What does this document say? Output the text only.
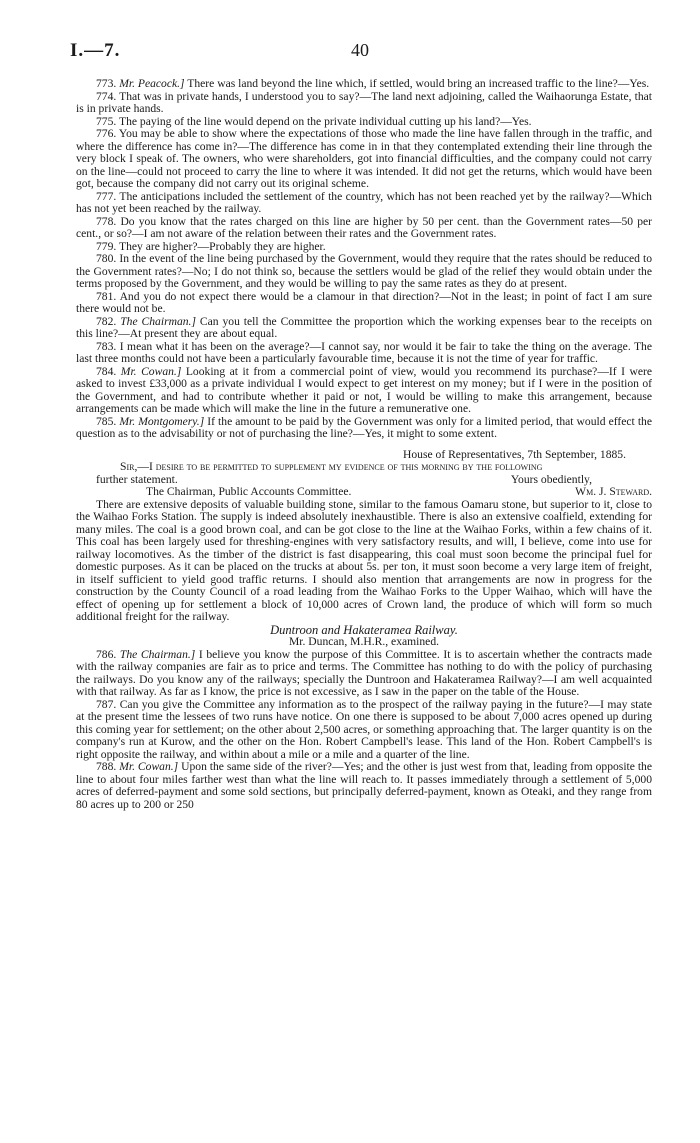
I.—7.	40

773. Mr. Peacock.] There was land beyond the line which, if settled, would bring an increased traffic to the line?—Yes.

774. That was in private hands, I understood you to say?—The land next adjoining, called the Waihaorunga Estate, that is in private hands.

775. The paying of the line would depend on the private individual cutting up his land?—Yes.

776. You may be able to show where the expectations of those who made the line have fallen through in the traffic, and where the difference has come in?—The difference has come in in that they contemplated extending their line through the very block I speak of. The owners, who were shareholders, got into financial difficulties, and the company could not carry on the line—could not proceed to carry the line to where it was intended. It did not get the returns, which would have been got, because the company did not carry out its original scheme.

777. The anticipations included the settlement of the country, which has not been reached yet by the railway?—Which has not yet been reached by the railway.

778. Do you know that the rates charged on this line are higher by 50 per cent. than the Government rates—50 per cent., or so?—I am not aware of the relation between their rates and the Government rates.

779. They are higher?—Probably they are higher.

780. In the event of the line being purchased by the Government, would they require that the rates should be reduced to the Government rates?—No; I do not think so, because the settlers would be glad of the relief they would obtain under the terms proposed by the Government, and they would be willing to pay the same rates as they do at present.

781. And you do not expect there would be a clamour in that direction?—Not in the least; in point of fact I am sure there would not be.

782. The Chairman.] Can you tell the Committee the proportion which the working expenses bear to the receipts on this line?—At present they are about equal.

783. I mean what it has been on the average?—I cannot say, nor would it be fair to take the thing on the average. The last three months could not have been a particularly favourable time, because it is not the time of year for traffic.

784. Mr. Cowan.] Looking at it from a commercial point of view, would you recommend its purchase?—If I were asked to invest £33,000 as a private individual I would expect to get interest on my money; but if I were in the position of the Government, and had to contribute whether it paid or not, I would be willing to make this arrangement, because arrangements can be made which will make the line in the future a remunerative one.

785. Mr. Montgomery.] If the amount to be paid by the Government was only for a limited period, that would effect the question as to the advisability or not of purchasing the line?—Yes, it might to some extent.

House of Representatives, 7th September, 1885.

Sir,—I desire to be permitted to supplement my evidence of this morning by the following

further statement.	Yours obediently,

The Chairman, Public Accounts Committee.	Wm. J. Steward.

There are extensive deposits of valuable building stone, similar to the famous Oamaru stone, but superior to it, close to the Waihao Forks Station. The supply is indeed absolutely inexhaustible. There is also an extensive coalfield, extending for many miles. The coal is a good brown coal, and can be got close to the line at the Waihao Forks, within a few chains of it. This coal has been largely used for threshing-engines with very satisfactory results, and will, I believe, come into use for railway locomotives. As the timber of the district is fast disappearing, this coal must soon become the principal fuel for domestic purposes. As it can be placed on the trucks at about 5s. per ton, it must soon become a very large item of freight, in itself sufficient to yield good traffic returns. I should also mention that arrangements are now in progress for the construction by the County Council of a road leading from the Waihao Forks to the Upper Waihao, which will have the effect of opening up for settlement a block of 10,000 acres of Crown land, the produce of which will form so much additional freight for the railway.

Duntroon and Hakateramea Railway.

Mr. Duncan, M.H.R., examined.

786. The Chairman.] I believe you know the purpose of this Committee. It is to ascertain whether the contracts made with the railway companies are fair as to price and terms. The Committee has nothing to do with the policy of purchasing the railways. Do you know any of the railways; specially the Duntroon and Hakateramea Railway?—I am well acquainted with that railway. As far as I know, the price is not excessive, as I saw in the paper on the table of the House.

787. Can you give the Committee any information as to the prospect of the railway paying in the future?—I may state at the present time the lessees of two runs have notice. On one there is supposed to be about 7,000 acres opened up during this coming year for settlement; on the other about 2,500 acres, or something approaching that. The larger quantity is on the company's run at Kurow, and the other on the Hon. Robert Campbell's lease. This land of the Hon. Robert Campbell's is right opposite the railway, and within about a mile or a mile and a quarter of the line.

788. Mr. Cowan.] Upon the same side of the river?—Yes; and the other is just west from that, leading from opposite the line to about four miles farther west than what the line will reach to. It passes immediately through a settlement of 5,000 acres of deferred-payment and some sold sections, but principally deferred-payment, known as Oteaki, and they range from 80 acres up to 200 or 250
